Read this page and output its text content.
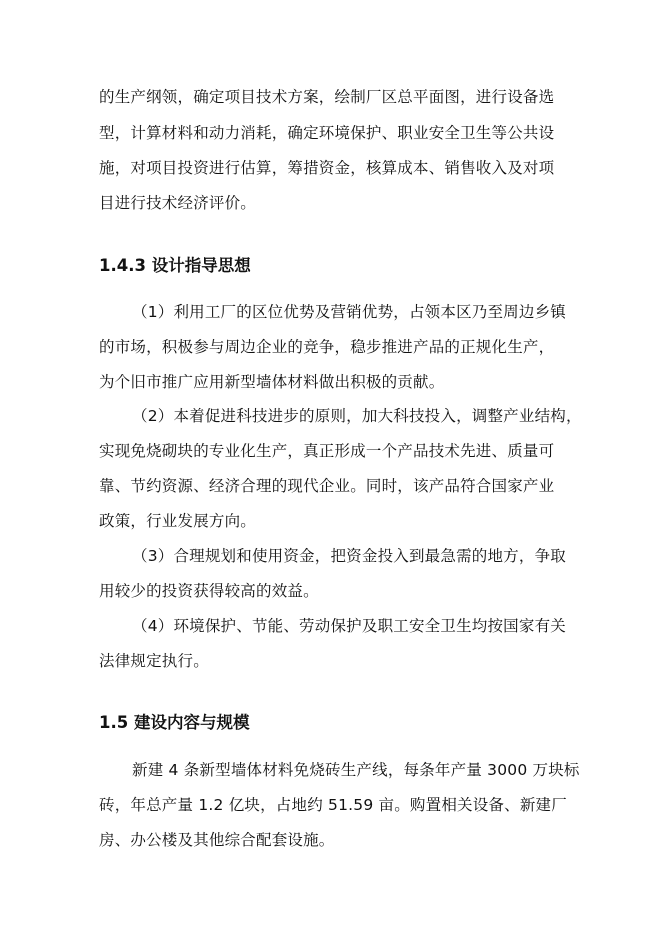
的生产纲领，确定项目技术方案，绘制厂区总平面图，进行设备选
型，计算材料和动力消耗，确定环境保护、职业安全卫生等公共设
施，对项目投资进行估算，筹措资金，核算成本、销售收入及对项
目进行技术经济评价。
1.4.3 设计指导思想
（1）利用工厂的区位优势及营销优势，占领本区乃至周边乡镇
的市场，积极参与周边企业的竞争，稳步推进产品的正规化生产，
为个旧市推广应用新型墙体材料做出积极的贡献。
（2）本着促进科技进步的原则，加大科技投入，调整产业结构，
实现免烧砌块的专业化生产，真正形成一个产品技术先进、质量可
靠、节约资源、经济合理的现代企业。同时，该产品符合国家产业
政策，行业发展方向。
（3）合理规划和使用资金，把资金投入到最急需的地方，争取
用较少的投资获得较高的效益。
（4）环境保护、节能、劳动保护及职工安全卫生均按国家有关
法律规定执行。
1.5 建设内容与规模
新建 4 条新型墙体材料免烧砖生产线，每条年产量 3000 万块标
砖，年总产量 1.2 亿块，占地约 51.59 亩。购置相关设备、新建厂
房、办公楼及其他综合配套设施。
